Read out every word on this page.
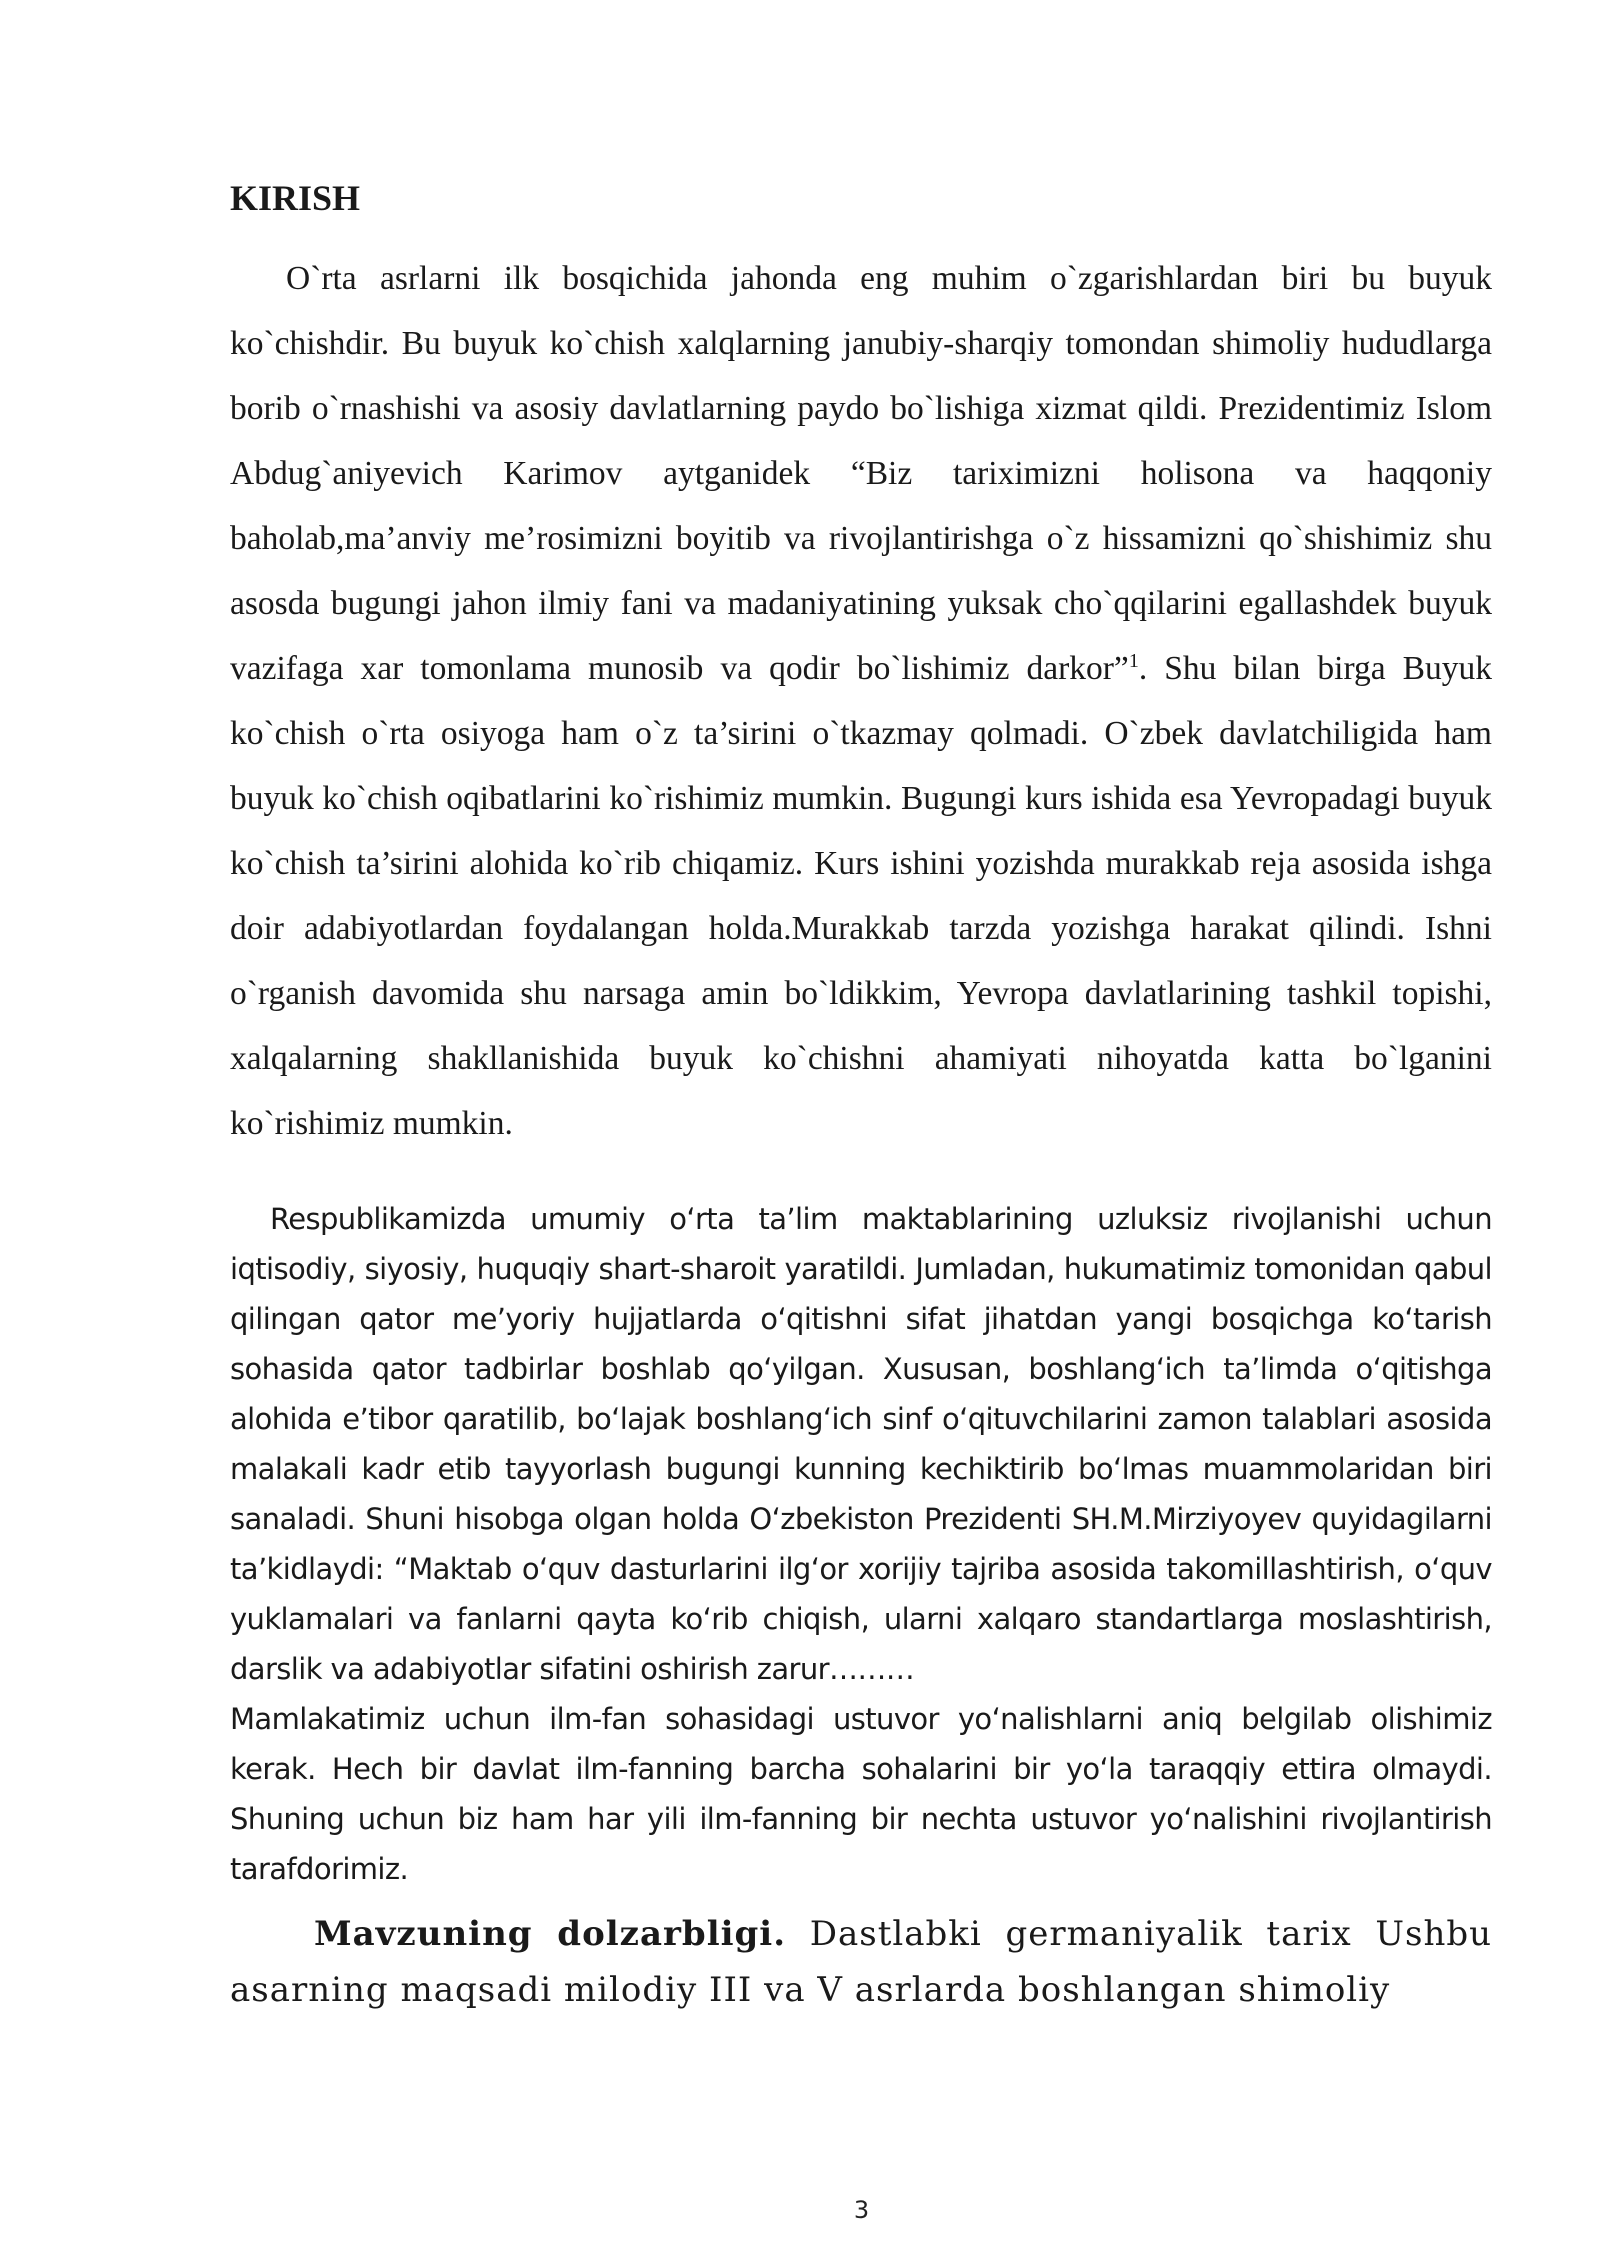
KIRISH

O`rta asrlarni ilk bosqichida jahonda eng muhim o`zgarishlardan biri bu buyuk ko`chishdir. Bu buyuk ko`chish xalqlarning janubiy-sharqiy tomondan shimoliy hududlarga borib o`rnashishi va asosiy davlatlarning paydo bo`lishiga xizmat qildi. Prezidentimiz Islom Abdug`aniyevich Karimov aytganidek “Biz tariximizni holisona va haqqoniy baholab,ma’anviy me’rosimizni boyitib va rivojlantirishga o`z hissamizni qo`shishimiz shu asosda bugungi jahon ilmiy fani va madaniyatining yuksak cho`qqilarini egallashdek buyuk vazifaga xar tomonlama munosib va qodir bo`lishimiz darkor”$^1$. Shu bilan birga Buyuk ko`chish o`rta osiyoga ham o`z ta’sirini o`tkazmay qolmadi. O`zbek davlatchiligida ham buyuk ko`chish oqibatlarini ko`rishimiz mumkin. Bugungi kurs ishida esa Yevropadagi buyuk ko`chish ta’sirini alohida ko`rib chiqamiz. Kurs ishini yozishda murakkab reja asosida ishga doir adabiyotlardan foydalangan holda.Murakkab tarzda yozishga harakat qilindi. Ishni o`rganish davomida shu narsaga amin bo`ldikkim, Yevropa davlatlarining tashkil topishi, xalqalarning shakllanishida buyuk ko`chishni ahamiyati nihoyatda katta bo`lganini ko`rishimiz mumkin.

Respublikamizda umumiy oʻrta taʼlim maktablarining uzluksiz rivojlanishi uchun iqtisodiy, siyosiy, huquqiy shart-sharoit yaratildi. Jumladan, hukumatimiz tomonidan qabul qilingan qator meʼyoriy hujjatlarda oʻqitishni sifat jihatdan yangi bosqichga koʻtarish sohasida qator tadbirlar boshlab qoʻyilgan. Xususan, boshlangʻich taʼlimda oʻqitishga alohida eʼtibor qaratilib, boʻlajak boshlangʻich sinf oʻqituvchilarini zamon talablari asosida malakali kadr etib tayyorlash bugungi kunning kechiktirib boʻlmas muammolaridan biri sanaladi. Shuni hisobga olgan holda Oʻzbekiston Prezidenti SH.M.Mirziyoyev quyidagilarni taʼkidlaydi: “Maktab oʻquv dasturlarini ilgʻor xorijiy tajriba asosida takomillashtirish, oʻquv yuklamalari va fanlarni qayta koʻrib chiqish, ularni xalqaro standartlarga moslashtirish, darslik va adabiyotlar sifatini oshirish zarur………

Mamlakatimiz uchun ilm-fan sohasidagi ustuvor yoʻnalishlarni aniq belgilab olishimiz kerak. Hech bir davlat ilm-fanning barcha sohalarini bir yoʻla taraqqiy ettira olmaydi. Shuning uchun biz ham har yili ilm-fanning bir nechta ustuvor yoʻnalishini rivojlantirish tarafdorimiz.

Mavzuning dolzarbligi. Dastlabki germaniyalik tarix Ushbu asarning maqsadi milodiy III va V asrlarda boshlangan shimoliy

3
